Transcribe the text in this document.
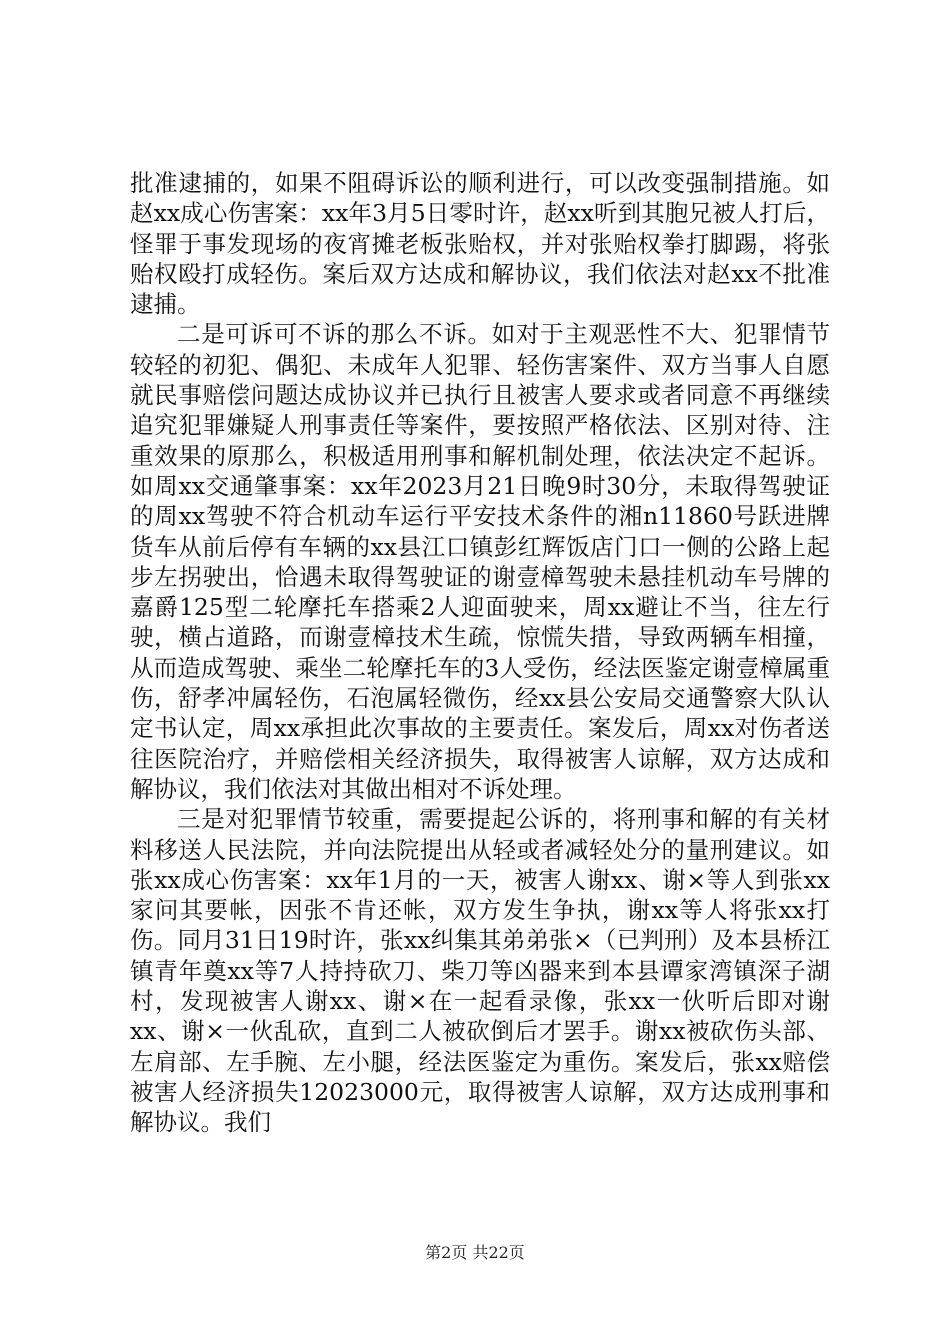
批准逮捕的，如果不阻碍诉讼的顺利进行，可以改变强制措施。如赵xx成心伤害案：xx年3月5日零时许，赵xx听到其胞兄被人打后，怪罪于事发现场的夜宵摊老板张贻权，并对张贻权拳打脚踢，将张贻权殴打成轻伤。案后双方达成和解协议，我们依法对赵xx不批准逮捕。

二是可诉可不诉的那么不诉。如对于主观恶性不大、犯罪情节较轻的初犯、偶犯、未成年人犯罪、轻伤害案件、双方当事人自愿就民事赔偿问题达成协议并已执行且被害人要求或者同意不再继续追究犯罪嫌疑人刑事责任等案件，要按照严格依法、区别对待、注重效果的原那么，积极适用刑事和解机制处理，依法决定不起诉。如周xx交通肇事案：xx年2023月21日晚9时30分，未取得驾驶证的周xx驾驶不符合机动车运行平安技术条件的湘n11860号跃进牌货车从前后停有车辆的xx县江口镇彭红辉饭店门口一侧的公路上起步左拐驶出，恰遇未取得驾驶证的谢壹樟驾驶未悬挂机动车号牌的嘉爵125型二轮摩托车搭乘2人迎面驶来，周xx避让不当，往左行驶，横占道路，而谢壹樟技术生疏，惊慌失措，导致两辆车相撞，从而造成驾驶、乘坐二轮摩托车的3人受伤，经法医鉴定谢壹樟属重伤，舒孝冲属轻伤，石泡属轻微伤，经xx县公安局交通警察大队认定书认定，周xx承担此次事故的主要责任。案发后，周xx对伤者送往医院治疗，并赔偿相关经济损失，取得被害人谅解，双方达成和解协议，我们依法对其做出相对不诉处理。

三是对犯罪情节较重，需要提起公诉的，将刑事和解的有关材料移送人民法院，并向法院提出从轻或者减轻处分的量刑建议。如张xx成心伤害案：xx年1月的一天，被害人谢xx、谢×等人到张xx家问其要帐，因张不肯还帐，双方发生争执，谢xx等人将张xx打伤。同月31日19时许，张xx纠集其弟弟张×（已判刑）及本县桥江镇青年奠xx等7人持持砍刀、柴刀等凶器来到本县谭家湾镇深子湖村，发现被害人谢xx、谢×在一起看录像，张xx一伙听后即对谢xx、谢×一伙乱砍，直到二人被砍倒后才罢手。谢xx被砍伤头部、左肩部、左手腕、左小腿，经法医鉴定为重伤。案发后，张xx赔偿被害人经济损失12023000元，取得被害人谅解，双方达成刑事和解协议。我们

第2页 共22页
